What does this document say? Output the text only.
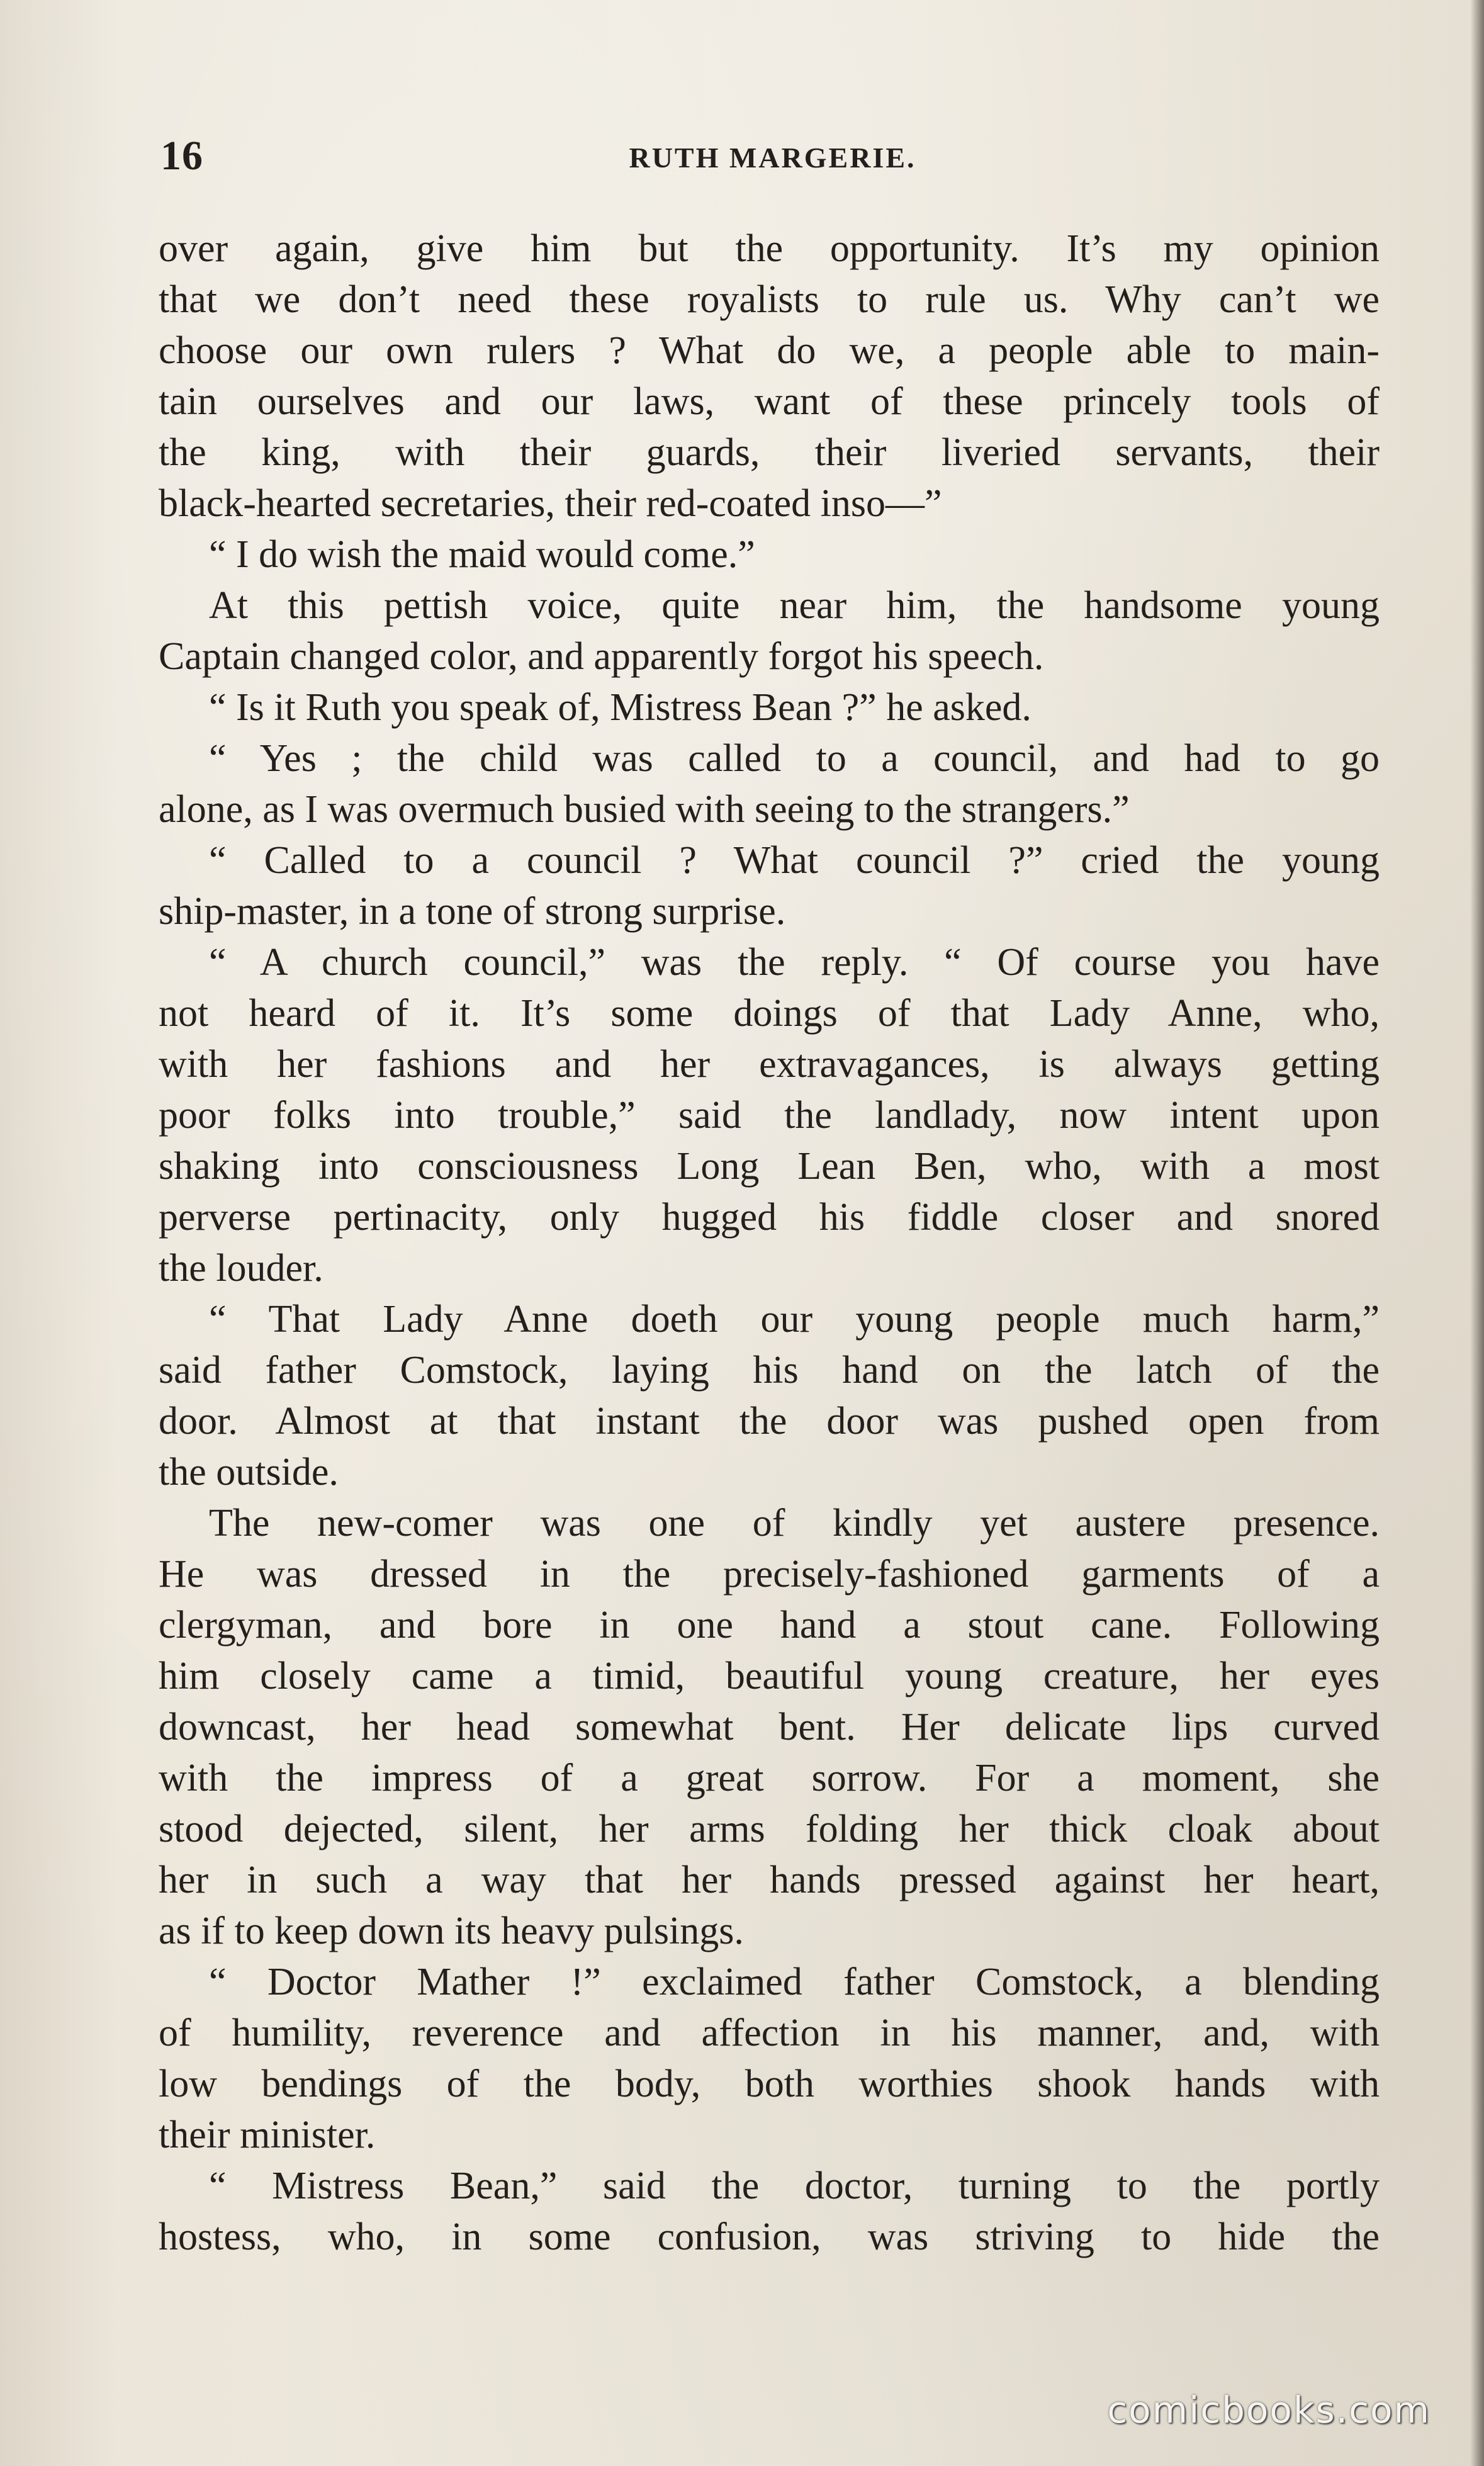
16	RUTH MARGERIE.
over again, give him but the opportunity. It’s my opinion
that we don’t need these royalists to rule us. Why can’t we
choose our own rulers ? What do we, a people able to main-
tain ourselves and our laws, want of these princely tools of
the king, with their guards, their liveried servants, their
black-hearted secretaries, their red-coated inso—”
“ I do wish the maid would come.”
At this pettish voice, quite near him, the handsome young
Captain changed color, and apparently forgot his speech.
“ Is it Ruth you speak of, Mistress Bean ?” he asked.
“ Yes ; the child was called to a council, and had to go
alone, as I was overmuch busied with seeing to the strangers.”
“ Called to a council ? What council ?” cried the young
ship-master, in a tone of strong surprise.
“ A church council,” was the reply. “ Of course you have
not heard of it. It’s some doings of that Lady Anne, who,
with her fashions and her extravagances, is always getting
poor folks into trouble,” said the landlady, now intent upon
shaking into consciousness Long Lean Ben, who, with a most
perverse pertinacity, only hugged his fiddle closer and snored
the louder.
“ That Lady Anne doeth our young people much harm,”
said father Comstock, laying his hand on the latch of the
door. Almost at that instant the door was pushed open from
the outside.
The new-comer was one of kindly yet austere presence.
He was dressed in the precisely-fashioned garments of a
clergyman, and bore in one hand a stout cane. Following
him closely came a timid, beautiful young creature, her eyes
downcast, her head somewhat bent. Her delicate lips curved
with the impress of a great sorrow. For a moment, she
stood dejected, silent, her arms folding her thick cloak about
her in such a way that her hands pressed against her heart,
as if to keep down its heavy pulsings.
“ Doctor Mather !” exclaimed father Comstock, a blending
of humility, reverence and affection in his manner, and, with
low bendings of the body, both worthies shook hands with
their minister.
“ Mistress Bean,” said the doctor, turning to the portly
hostess, who, in some confusion, was striving to hide the
comicbooks.com
